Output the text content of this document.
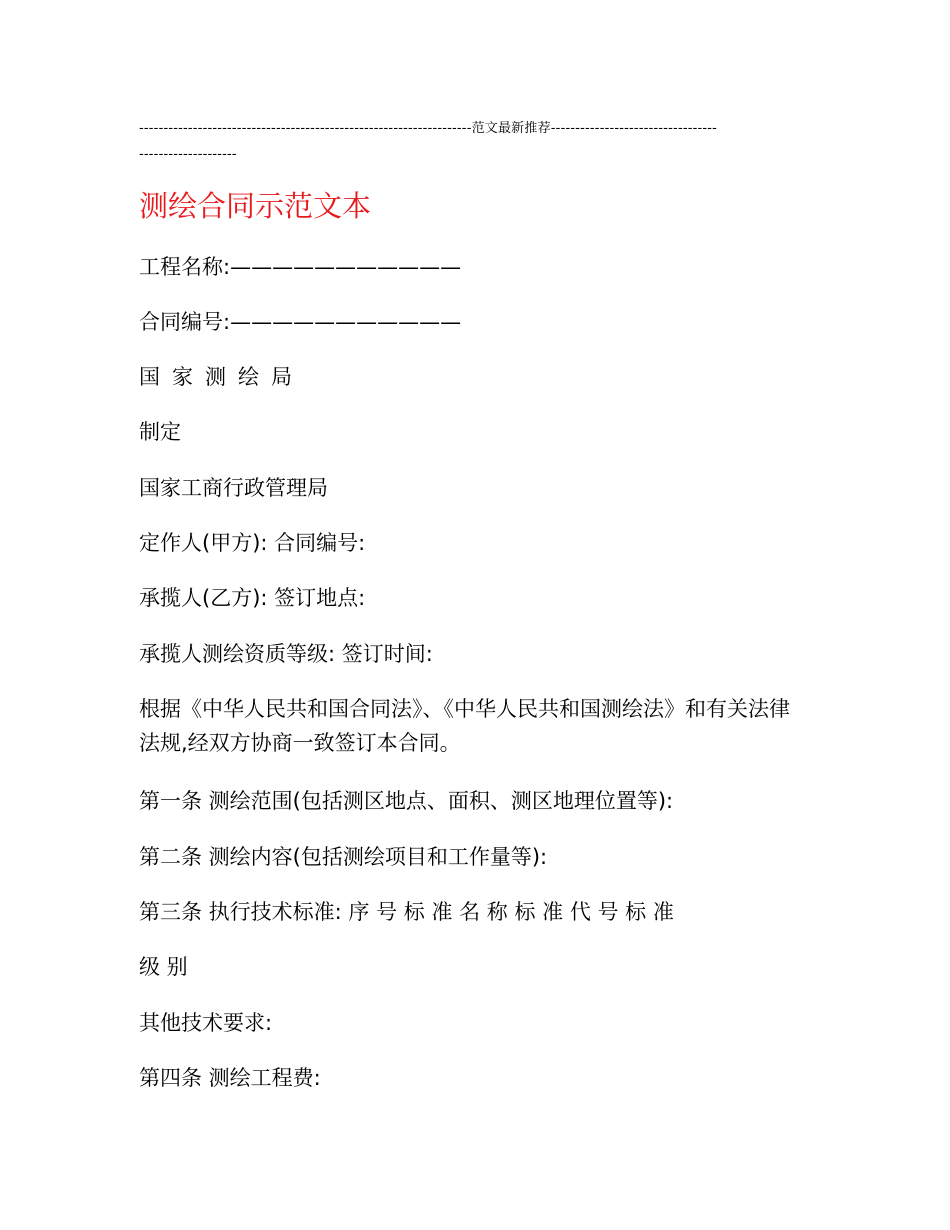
--------------------------------------------------------------------范文最新推荐------------------------------------------------------
测绘合同示范文本
工程名称:———————————
合同编号:———————————
国家测绘局
制定
国家工商行政管理局
定作人(甲方): 合同编号:
承揽人(乙方): 签订地点:
承揽人测绘资质等级: 签订时间:
根据《中华人民共和国合同法》、《中华人民共和国测绘法》和有关法律法规,经双方协商一致签订本合同。
第一条 测绘范围(包括测区地点、面积、测区地理位置等):
第二条 测绘内容(包括测绘项目和工作量等):
第三条 执行技术标准: 序 号 标 准 名 称 标 准 代 号 标 准
级 别
其他技术要求:
第四条 测绘工程费:
